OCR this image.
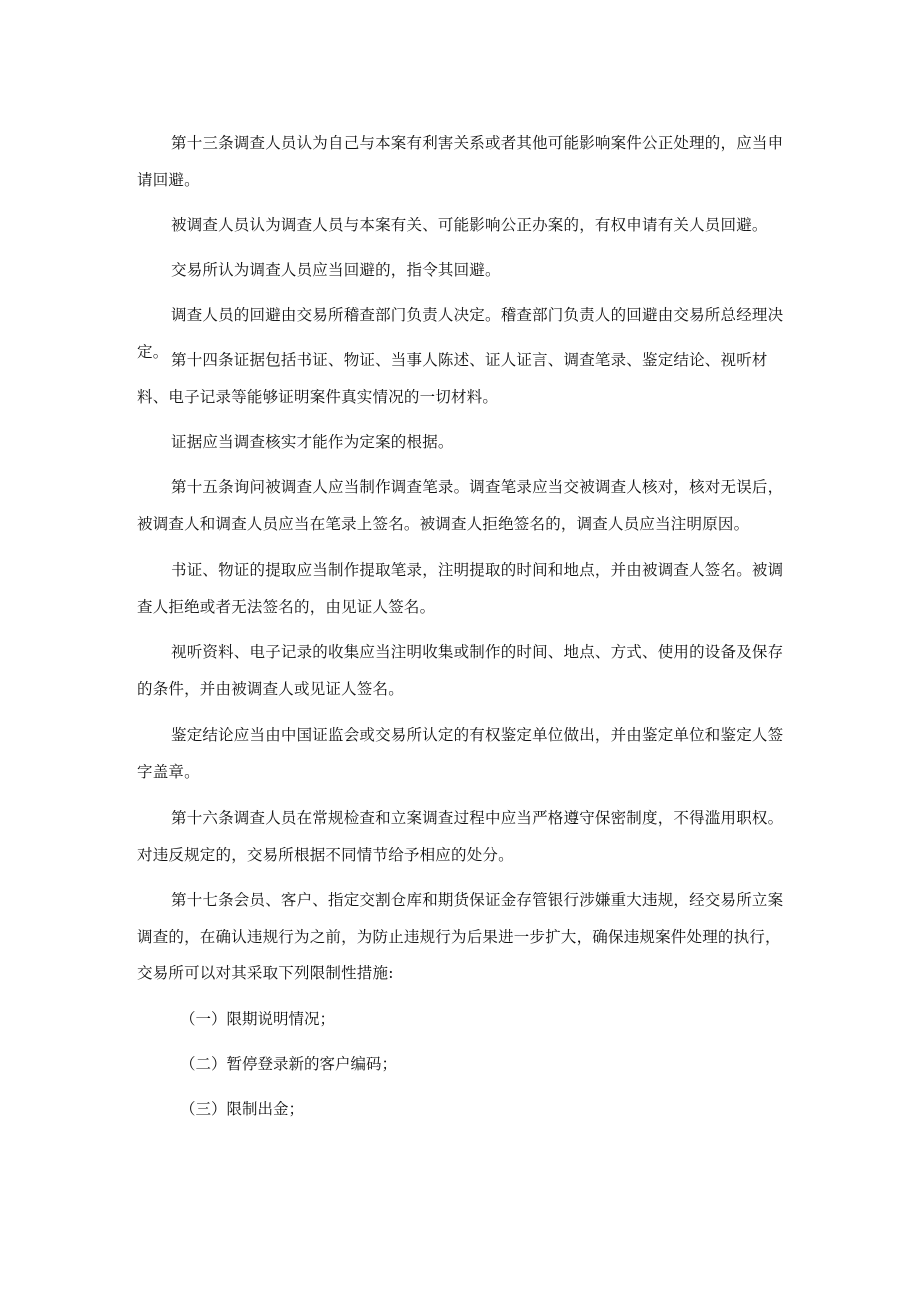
第十三条调查人员认为自己与本案有利害关系或者其他可能影响案件公正处理的，应当申请回避。

被调查人员认为调查人员与本案有关、可能影响公正办案的，有权申请有关人员回避。

交易所认为调查人员应当回避的，指令其回避。

调查人员的回避由交易所稽查部门负责人决定。稽查部门负责人的回避由交易所总经理决定。 第十四条证据包括书证、物证、当事人陈述、证人证言、调查笔录、鉴定结论、视听材料、电子记录等能够证明案件真实情况的一切材料。

证据应当调查核实才能作为定案的根据。

第十五条询问被调查人应当制作调查笔录。调查笔录应当交被调查人核对，核对无误后，被调查人和调查人员应当在笔录上签名。被调查人拒绝签名的，调查人员应当注明原因。

书证、物证的提取应当制作提取笔录，注明提取的时间和地点，并由被调查人签名。被调查人拒绝或者无法签名的，由见证人签名。

视听资料、电子记录的收集应当注明收集或制作的时间、地点、方式、使用的设备及保存的条件，并由被调查人或见证人签名。

鉴定结论应当由中国证监会或交易所认定的有权鉴定单位做出，并由鉴定单位和鉴定人签字盖章。

第十六条调查人员在常规检查和立案调查过程中应当严格遵守保密制度，不得滥用职权。对违反规定的，交易所根据不同情节给予相应的处分。

第十七条会员、客户、指定交割仓库和期货保证金存管银行涉嫌重大违规，经交易所立案调查的，在确认违规行为之前，为防止违规行为后果进一步扩大，确保违规案件处理的执行，交易所可以对其采取下列限制性措施:

（一）限期说明情况；

（二）暂停登录新的客户编码；

（三）限制出金；
